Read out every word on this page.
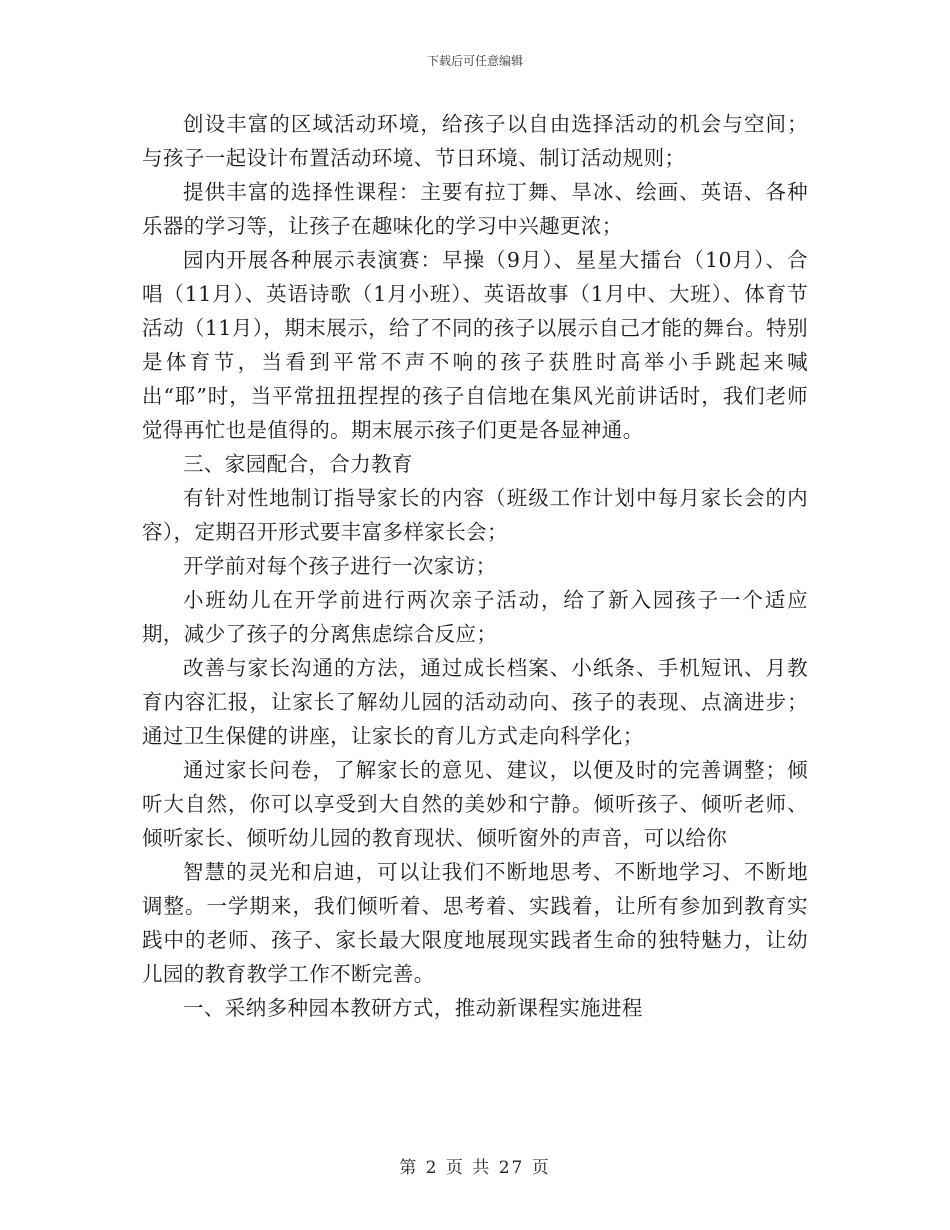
下载后可任意编辑

创设丰富的区域活动环境，给孩子以自由选择活动的机会与空间；与孩子一起设计布置活动环境、节日环境、制订活动规则；

提供丰富的选择性课程：主要有拉丁舞、旱冰、绘画、英语、各种乐器的学习等，让孩子在趣味化的学习中兴趣更浓；

园内开展各种展示表演赛：早操（9月）、星星大擂台（10月）、合唱（11月）、英语诗歌（1月小班）、英语故事（1月中、大班）、体育节活动（11月），期末展示，给了不同的孩子以展示自己才能的舞台。特别是体育节，当看到平常不声不响的孩子获胜时高举小手跳起来喊出“耶”时，当平常扭扭捏捏的孩子自信地在集风光前讲话时，我们老师觉得再忙也是值得的。期末展示孩子们更是各显神通。

三、家园配合，合力教育

有针对性地制订指导家长的内容（班级工作计划中每月家长会的内容），定期召开形式要丰富多样家长会；

开学前对每个孩子进行一次家访；

小班幼儿在开学前进行两次亲子活动，给了新入园孩子一个适应期，减少了孩子的分离焦虑综合反应；

改善与家长沟通的方法，通过成长档案、小纸条、手机短讯、月教育内容汇报，让家长了解幼儿园的活动动向、孩子的表现、点滴进步；通过卫生保健的讲座，让家长的育儿方式走向科学化；

通过家长问卷，了解家长的意见、建议，以便及时的完善调整；倾听大自然，你可以享受到大自然的美妙和宁静。倾听孩子、倾听老师、倾听家长、倾听幼儿园的教育现状、倾听窗外的声音，可以给你

智慧的灵光和启迪，可以让我们不断地思考、不断地学习、不断地调整。一学期来，我们倾听着、思考着、实践着，让所有参加到教育实践中的老师、孩子、家长最大限度地展现实践者生命的独特魅力，让幼儿园的教育教学工作不断完善。

一、采纳多种园本教研方式，推动新课程实施进程

第 2 页 共 27 页
